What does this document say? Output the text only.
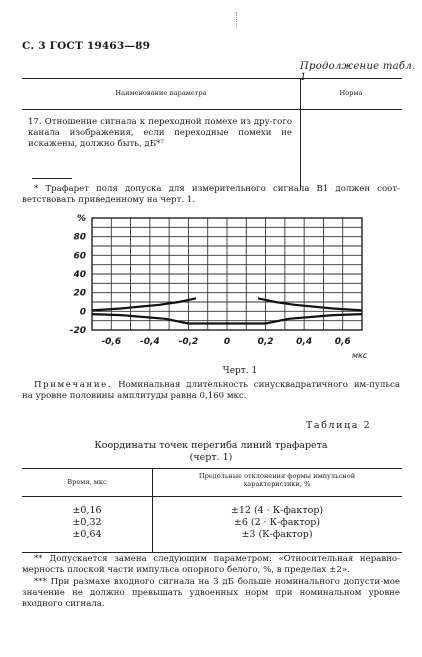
С. 3 ГОСТ 19463—89
Продолжение табл. 1
Наименование параметра	Норма
17. Отношение сигнала к переходной помехе из дру-гого канала изображения, если переходные помехи не искажены, должно быть, дБ*⁷
* Трафарет поля допуска для измерительного сигнала В1 должен соот-ветствовать приведенному на черт. 1.
%
80
60
40
20
0
-20
-0,6 -0,4 -0,2	0	0,2	0,4	0,6
мкс
Черт. 1
Примечание. Номинальная длительность синусквадратичного им-пульса на уровне половины амплитуды равна 0,160 мкс.
Таблица 2
Координаты точек перегиба линий трафарета
(черт. 1)
Время, мкс
Предельные отклонения формы импульсной
характеристики, %
±0,16	±12 (4 · К-фактор)
±0,32	±6 (2 · К-фактор)
±0,64	±3 (К-фактор)
** Допускается замена следующим параметром: «Относительная неравно-мерность плоской части импульса опорного белого, %, в пределах ±2».
*** При размахе входного сигнала на 3 дБ больше номинального допусти-мое значение не должно превышать удвоенных норм при номинальном уровне входного сигнала.
